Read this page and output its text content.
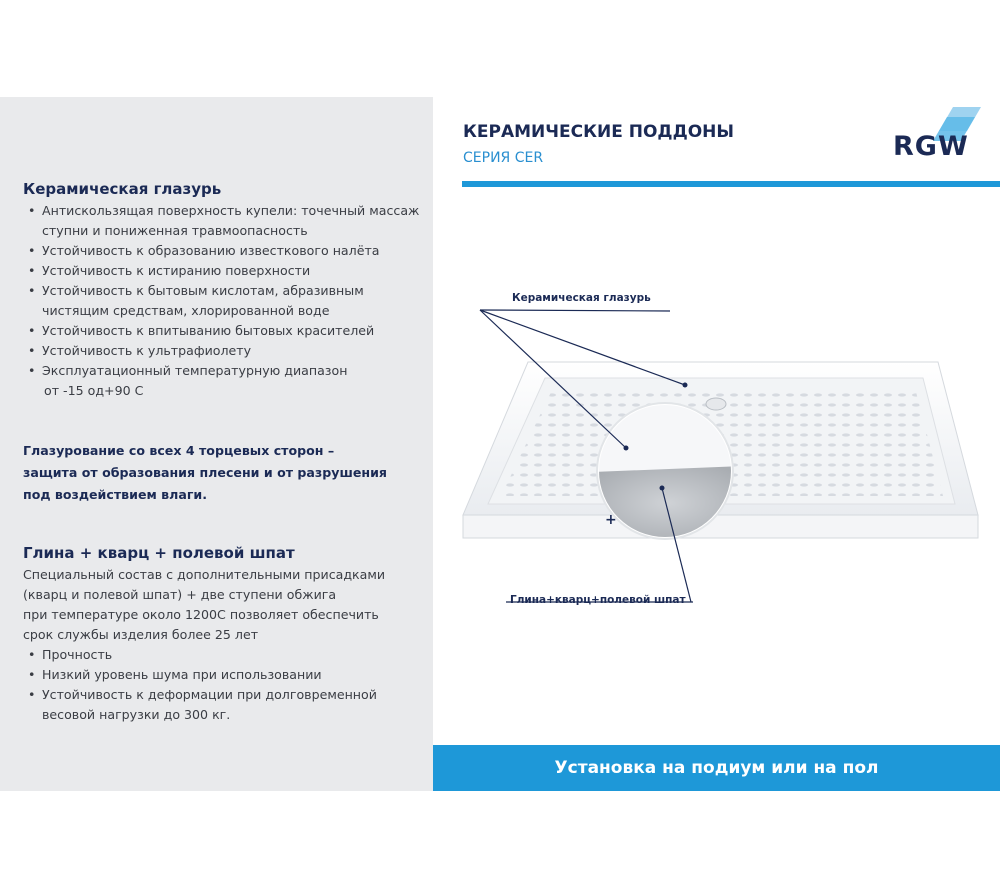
Керамическая глазурь
• Антискользящая поверхность купели: точечный массаж ступни и пониженная травмоопасность
• Устойчивость к образованию известкового налёта
• Устойчивость к истиранию поверхности
• Устойчивость к бытовым кислотам, абразивным чистящим средствам, хлорированной воде
• Устойчивость к впитыванию бытовых красителей
• Устойчивость к ультрафиолету
• Эксплуатационный температурную диапазон
от -15 од+90 С
Глазурование со всех 4 торцевых сторон –
защита от образования плесени и от разрушения
под воздействием влаги.
Глина + кварц + полевой шпат
Специальный состав с дополнительными присадками
(кварц и полевой шпат) + две ступени обжига
при температуре около 1200С позволяет обеспечить
срок службы изделия более 25 лет
• Прочность
• Низкий уровень шума при использовании
• Устойчивость к деформации при долговременной весовой нагрузки до 300 кг.
КЕРАМИЧЕСКИЕ ПОДДОНЫ
СЕРИЯ CER	RGW
Керамическая глазурь
Глина+кварц+полевой шпат
+
Установка на подиум или на пол
